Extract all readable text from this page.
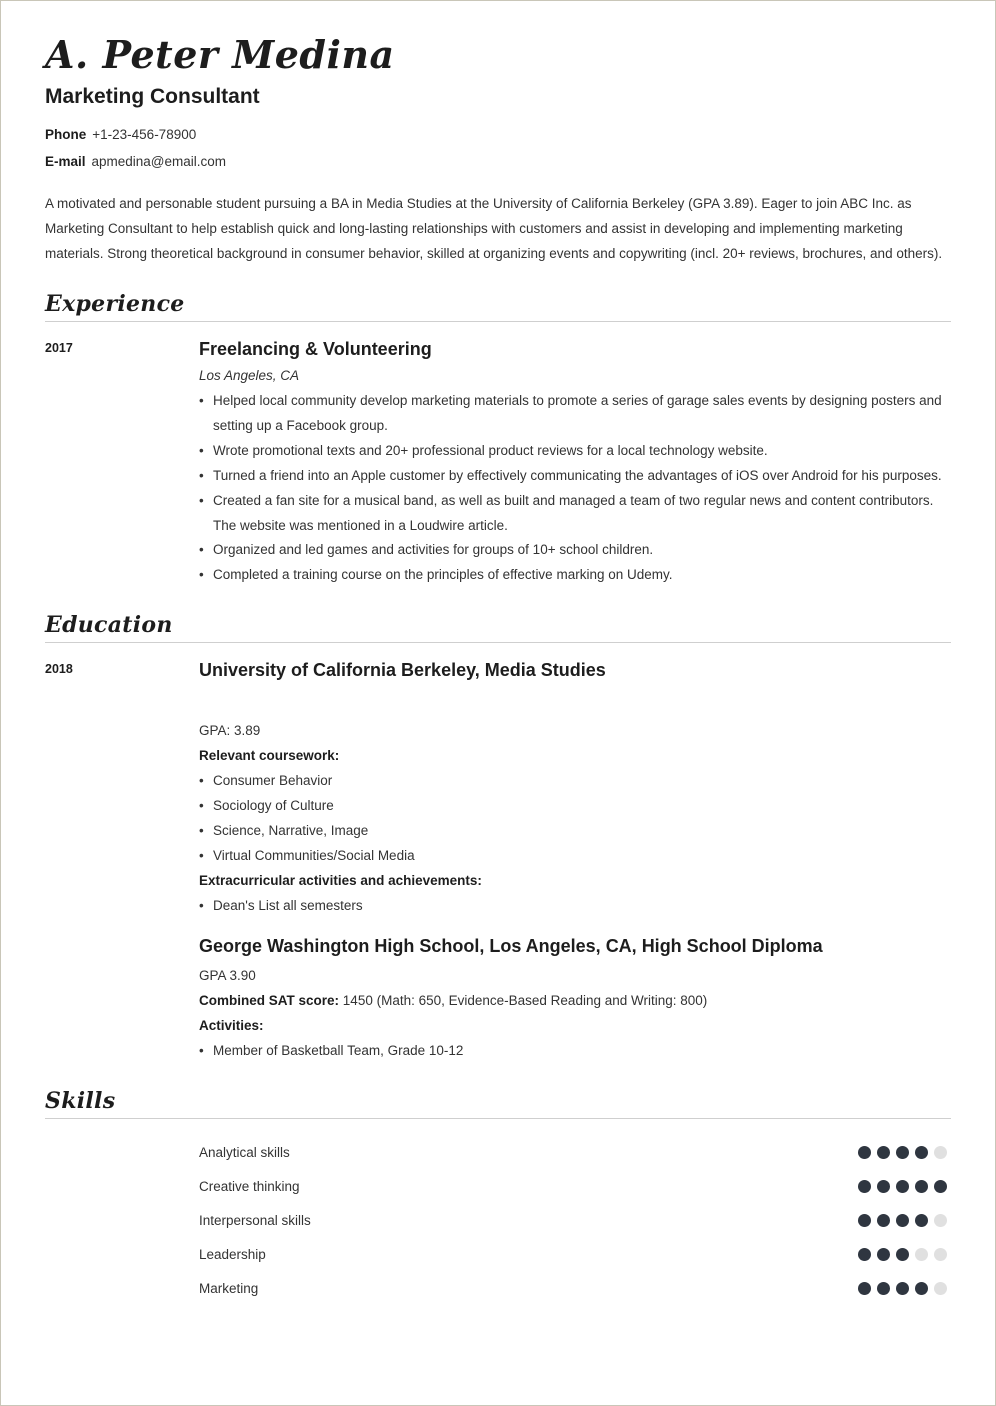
A. Peter Medina
Marketing Consultant
Phone +1-23-456-78900
E-mail apmedina@email.com

A motivated and personable student pursuing a BA in Media Studies at the University of California Berkeley (GPA 3.89). Eager to join ABC Inc. as Marketing Consultant to help establish quick and long-lasting relationships with customers and assist in developing and implementing marketing materials. Strong theoretical background in consumer behavior, skilled at organizing events and copywriting (incl. 20+ reviews, brochures, and others).

Experience
2017	Freelancing & Volunteering
Los Angeles, CA
• Helped local community develop marketing materials to promote a series of garage sales events by designing posters and setting up a Facebook group.
• Wrote promotional texts and 20+ professional product reviews for a local technology website.
• Turned a friend into an Apple customer by effectively communicating the advantages of iOS over Android for his purposes.
• Created a fan site for a musical band, as well as built and managed a team of two regular news and content contributors. The website was mentioned in a Loudwire article.
• Organized and led games and activities for groups of 10+ school children.
• Completed a training course on the principles of effective marking on Udemy.
Education
2018	University of California Berkeley, Media Studies
GPA: 3.89
Relevant coursework:
• Consumer Behavior
• Sociology of Culture
• Science, Narrative, Image
• Virtual Communities/Social Media
Extracurricular activities and achievements:
• Dean's List all semesters
George Washington High School, Los Angeles, CA, High School Diploma
GPA 3.90
Combined SAT score: 1450 (Math: 650, Evidence-Based Reading and Writing: 800)
Activities:
• Member of Basketball Team, Grade 10-12
Skills
Analytical skills
Creative thinking
Interpersonal skills
Leadership
Marketing
